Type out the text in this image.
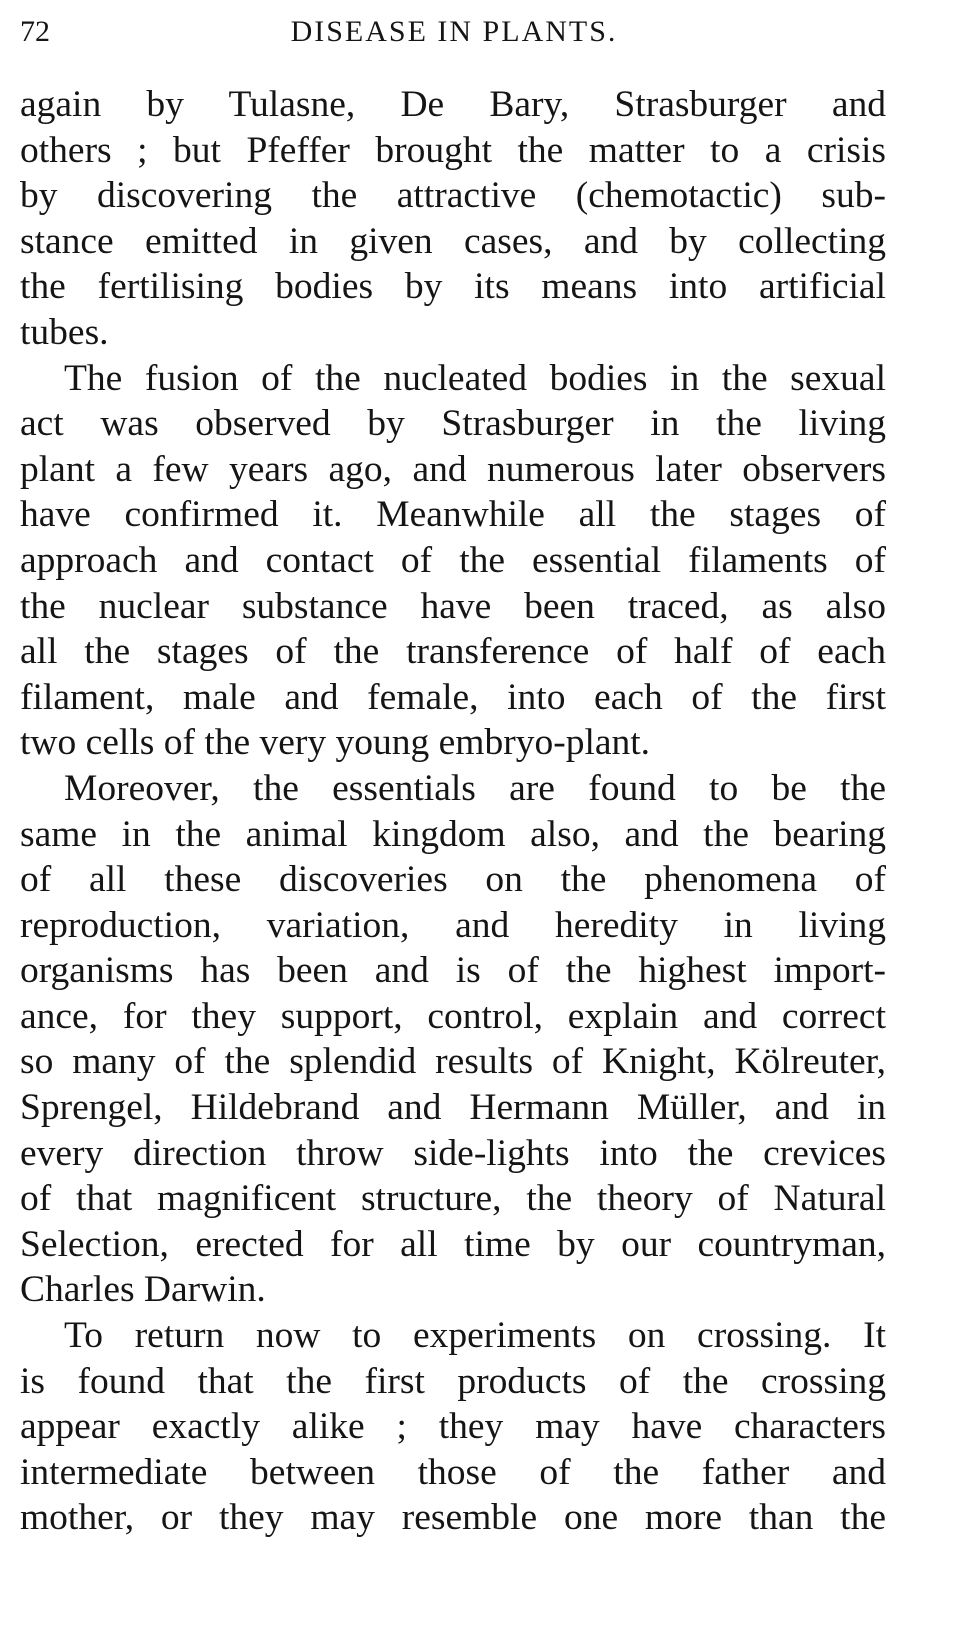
72	DISEASE IN PLANTS.
again by Tulasne, De Bary, Strasburger and
others ; but Pfeffer brought the matter to a crisis
by discovering the attractive (chemotactic) sub-
stance emitted in given cases, and by collecting
the fertilising bodies by its means into artificial
tubes.
The fusion of the nucleated bodies in the sexual
act was observed by Strasburger in the living
plant a few years ago, and numerous later observers
have confirmed it. Meanwhile all the stages of
approach and contact of the essential filaments of
the nuclear substance have been traced, as also
all the stages of the transference of half of each
filament, male and female, into each of the first
two cells of the very young embryo-plant.
Moreover, the essentials are found to be the
same in the animal kingdom also, and the bearing
of all these discoveries on the phenomena of
reproduction, variation, and heredity in living
organisms has been and is of the highest import-
ance, for they support, control, explain and correct
so many of the splendid results of Knight, Kölreuter,
Sprengel, Hildebrand and Hermann Müller, and in
every direction throw side-lights into the crevices
of that magnificent structure, the theory of Natural
Selection, erected for all time by our countryman,
Charles Darwin.
To return now to experiments on crossing. It
is found that the first products of the crossing
appear exactly alike ; they may have characters
intermediate between those of the father and
mother, or they may resemble one more than the
